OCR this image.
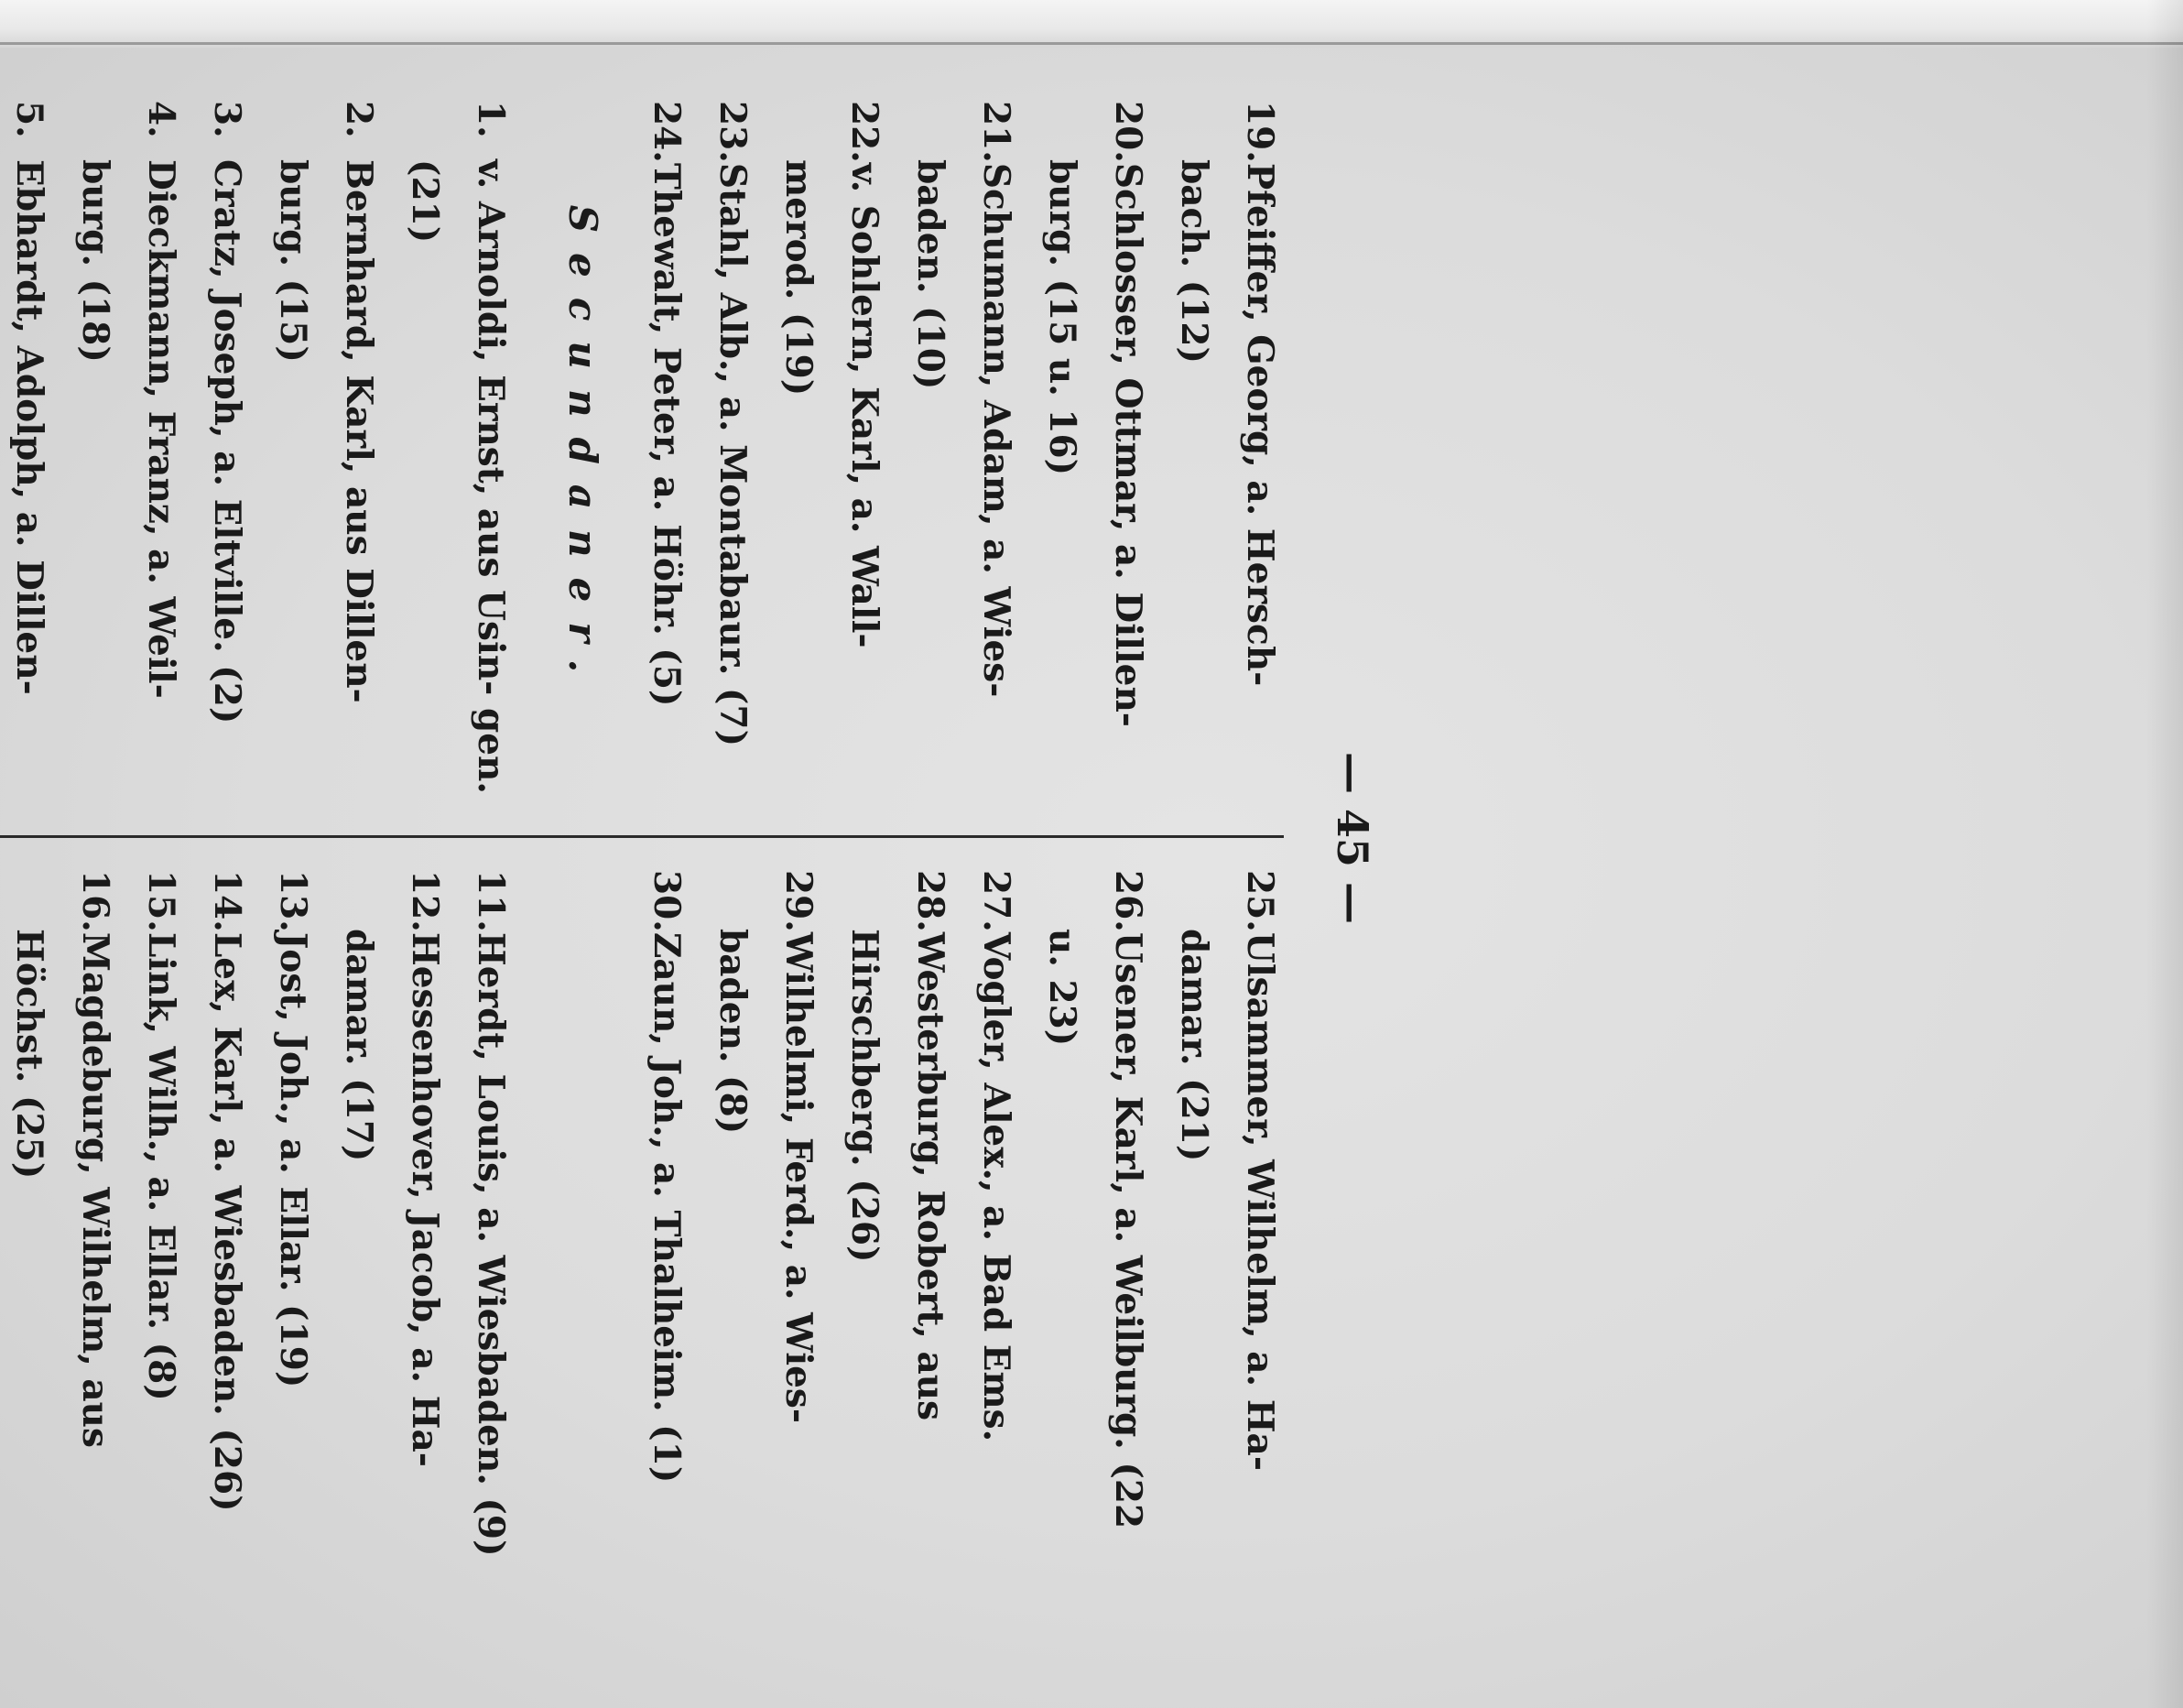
— 45 —

19.Pfeiffer, Georg, a. Hersch- bach. (12)

20.Schlosser, Ottmar, a. Dillen- burg. (15 u. 16)

21.Schumann, Adam, a. Wies- baden. (10)

22.v. Sohlern, Karl, a. Wall- merod. (19)

23.Stahl, Alb., a. Montabaur. (7)

24.Thewalt, Peter, a. Höhr. (5)

Secundaner.

1.v. Arnoldi, Ernst, aus Usin- gen. (21)

2.Bernhard, Karl, aus Dillen- burg. (15)

3.Cratz, Joseph, a. Eltville. (2)

4.Dieckmann, Franz, a. Weil- burg. (18)

5.Ebhardt, Adolph, a. Dillen-

25.Ulsammer, Wilhelm, a. Ha- damar. (21)

26.Usener, Karl, a. Weilburg. (22 u. 23)

27.Vogler, Alex., a. Bad Ems.

28.Westerburg, Robert, aus Hirschberg. (26)

29.Wilhelmi, Ferd., a. Wies- baden. (8)

30.Zaun, Joh., a. Thalheim. (1)

11.Herdt, Louis, a. Wiesbaden. (9)

12.Hessenhover, Jacob, a. Ha- damar. (17)

13.Jost, Joh., a. Ellar. (19)

14.Lex, Karl, a. Wiesbaden. (26)

15.Link, Wilh., a. Ellar. (8)

16.Magdeburg, Wilhelm, aus Höchst. (25)
